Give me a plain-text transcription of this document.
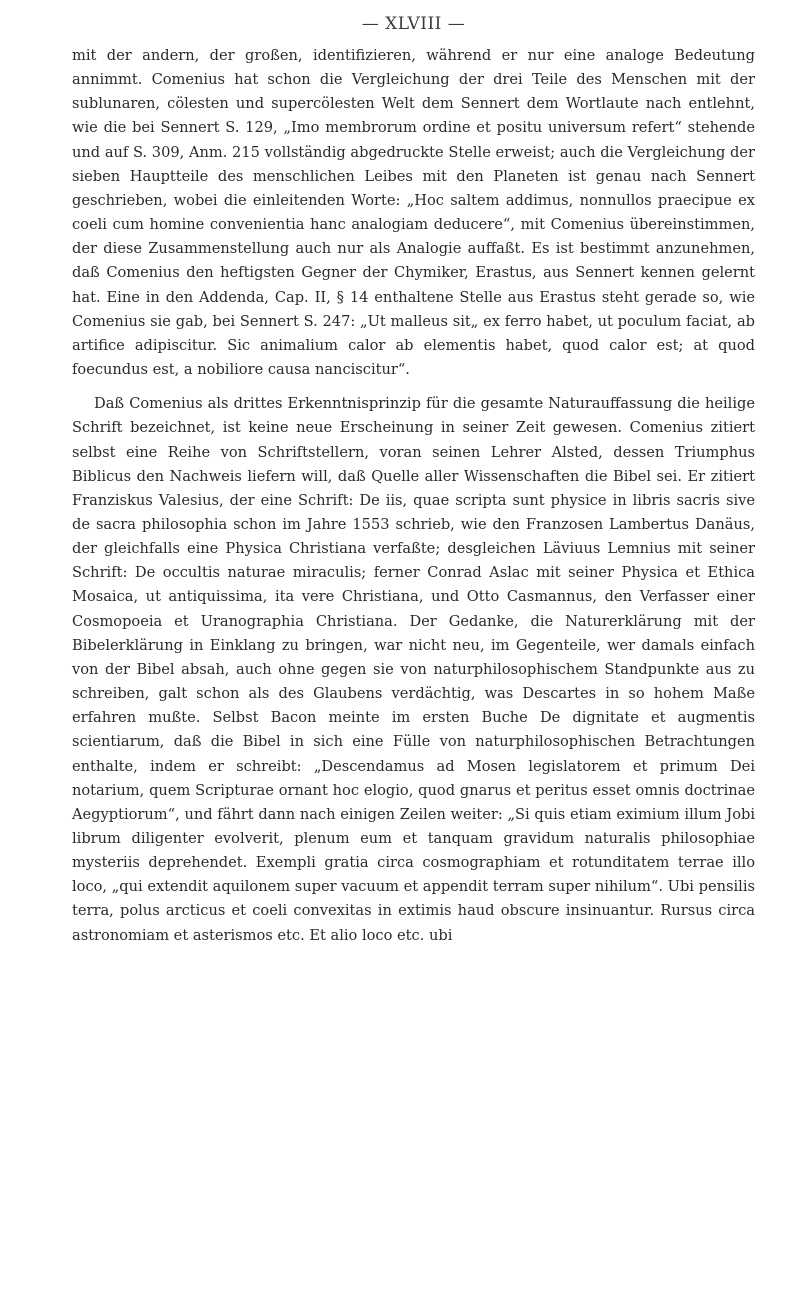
— XLVIII —

mit der andern, der großen, identifizieren, während er nur eine analoge Bedeutung annimmt. Comenius hat schon die Vergleichung der drei Teile des Menschen mit der sublunaren, cölesten und supercölesten Welt dem Sennert dem Wortlaute nach entlehnt, wie die bei Sennert S. 129, „Imo membrorum ordine et positu universum refert“ stehende und auf S. 309, Anm. 215 vollständig abgedruckte Stelle erweist; auch die Vergleichung der sieben Hauptteile des menschlichen Leibes mit den Planeten ist genau nach Sennert geschrieben, wobei die einleitenden Worte: „Hoc saltem addimus, nonnullos praecipue ex coeli cum homine convenientia hanc analogiam deducere“, mit Comenius übereinstimmen, der diese Zusammenstellung auch nur als Analogie auffaßt. Es ist bestimmt anzunehmen, daß Comenius den heftigsten Gegner der Chymiker, Erastus, aus Sennert kennen gelernt hat. Eine in den Addenda, Cap. II, § 14 enthaltene Stelle aus Erastus steht gerade so, wie Comenius sie gab, bei Sennert S. 247: „Ut malleus sit„ ex ferro habet, ut poculum faciat, ab artifice adipiscitur. Sic animalium calor ab elementis habet, quod calor est; at quod foecundus est, a nobiliore causa nanciscitur“.

Daß Comenius als drittes Erkenntnisprinzip für die gesamte Naturauffassung die heilige Schrift bezeichnet, ist keine neue Erscheinung in seiner Zeit gewesen. Comenius zitiert selbst eine Reihe von Schriftstellern, voran seinen Lehrer Alsted, dessen Triumphus Biblicus den Nachweis liefern will, daß Quelle aller Wissenschaften die Bibel sei. Er zitiert Franziskus Valesius, der eine Schrift: De iis, quae scripta sunt physice in libris sacris sive de sacra philosophia schon im Jahre 1553 schrieb, wie den Franzosen Lambertus Danäus, der gleichfalls eine Physica Christiana verfaßte; desgleichen Läviuus Lemnius mit seiner Schrift: De occultis naturae miraculis; ferner Conrad Aslac mit seiner Physica et Ethica Mosaica, ut antiquissima, ita vere Christiana, und Otto Casmannus, den Verfasser einer Cosmopoeia et Uranographia Christiana. Der Gedanke, die Naturerklärung mit der Bibelerklärung in Einklang zu bringen, war nicht neu, im Gegenteile, wer damals einfach von der Bibel absah, auch ohne gegen sie von naturphilosophischem Standpunkte aus zu schreiben, galt schon als des Glaubens verdächtig, was Descartes in so hohem Maße erfahren mußte. Selbst Bacon meinte im ersten Buche De dignitate et augmentis scientiarum, daß die Bibel in sich eine Fülle von naturphilosophischen Betrachtungen enthalte, indem er schreibt: „Descendamus ad Mosen legislatorem et primum Dei notarium, quem Scripturae ornant hoc elogio, quod gnarus et peritus esset omnis doctrinae Aegyptiorum“, und fährt dann nach einigen Zeilen weiter: „Si quis etiam eximium illum Jobi librum diligenter evolverit, plenum eum et tanquam gravidum naturalis philosophiae mysteriis deprehendet. Exempli gratia circa cosmographiam et rotunditatem terrae illo loco, „qui extendit aquilonem super vacuum et appendit terram super nihilum“. Ubi pensilis terra, polus arcticus et coeli convexitas in extimis haud obscure insinuantur. Rursus circa astronomiam et asterismos etc. Et alio loco etc. ubi
